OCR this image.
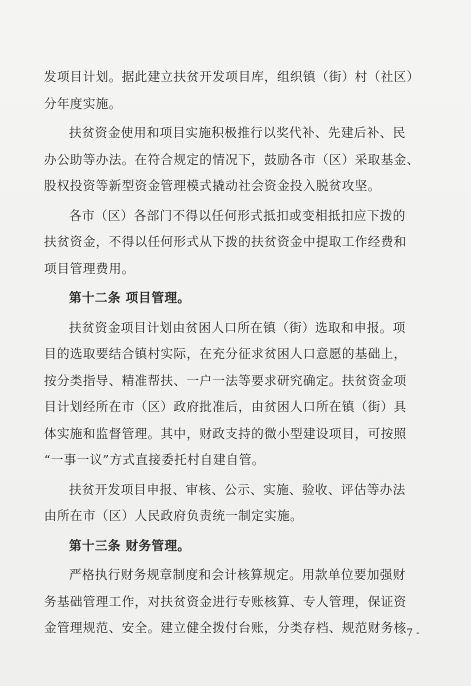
发项目计划。据此建立扶贫开发项目库，组织镇（街）村（社区）
分年度实施。
扶贫资金使用和项目实施积极推行以奖代补、先建后补、民
办公助等办法。在符合规定的情况下，鼓励各市（区）采取基金、
股权投资等新型资金管理模式撬动社会资金投入脱贫攻坚。
各市（区）各部门不得以任何形式抵扣或变相抵扣应下拨的
扶贫资金，不得以任何形式从下拨的扶贫资金中提取工作经费和
项目管理费用。
第十二条 项目管理。
扶贫资金项目计划由贫困人口所在镇（街）选取和申报。项
目的选取要结合镇村实际，在充分征求贫困人口意愿的基础上，
按分类指导、精准帮扶、一户一法等要求研究确定。扶贫资金项
目计划经所在市（区）政府批准后，由贫困人口所在镇（街）具
体实施和监督管理。其中，财政支持的微小型建设项目，可按照
“一事一议”方式直接委托村自建自管。
扶贫开发项目申报、审核、公示、实施、验收、评估等办法
由所在市（区）人民政府负责统一制定实施。
第十三条 财务管理。
严格执行财务规章制度和会计核算规定。用款单位要加强财
务基础管理工作，对扶贫资金进行专账核算、专人管理，保证资
金管理规范、安全。建立健全拨付台账，分类存档、规范财务核
- 7 -
